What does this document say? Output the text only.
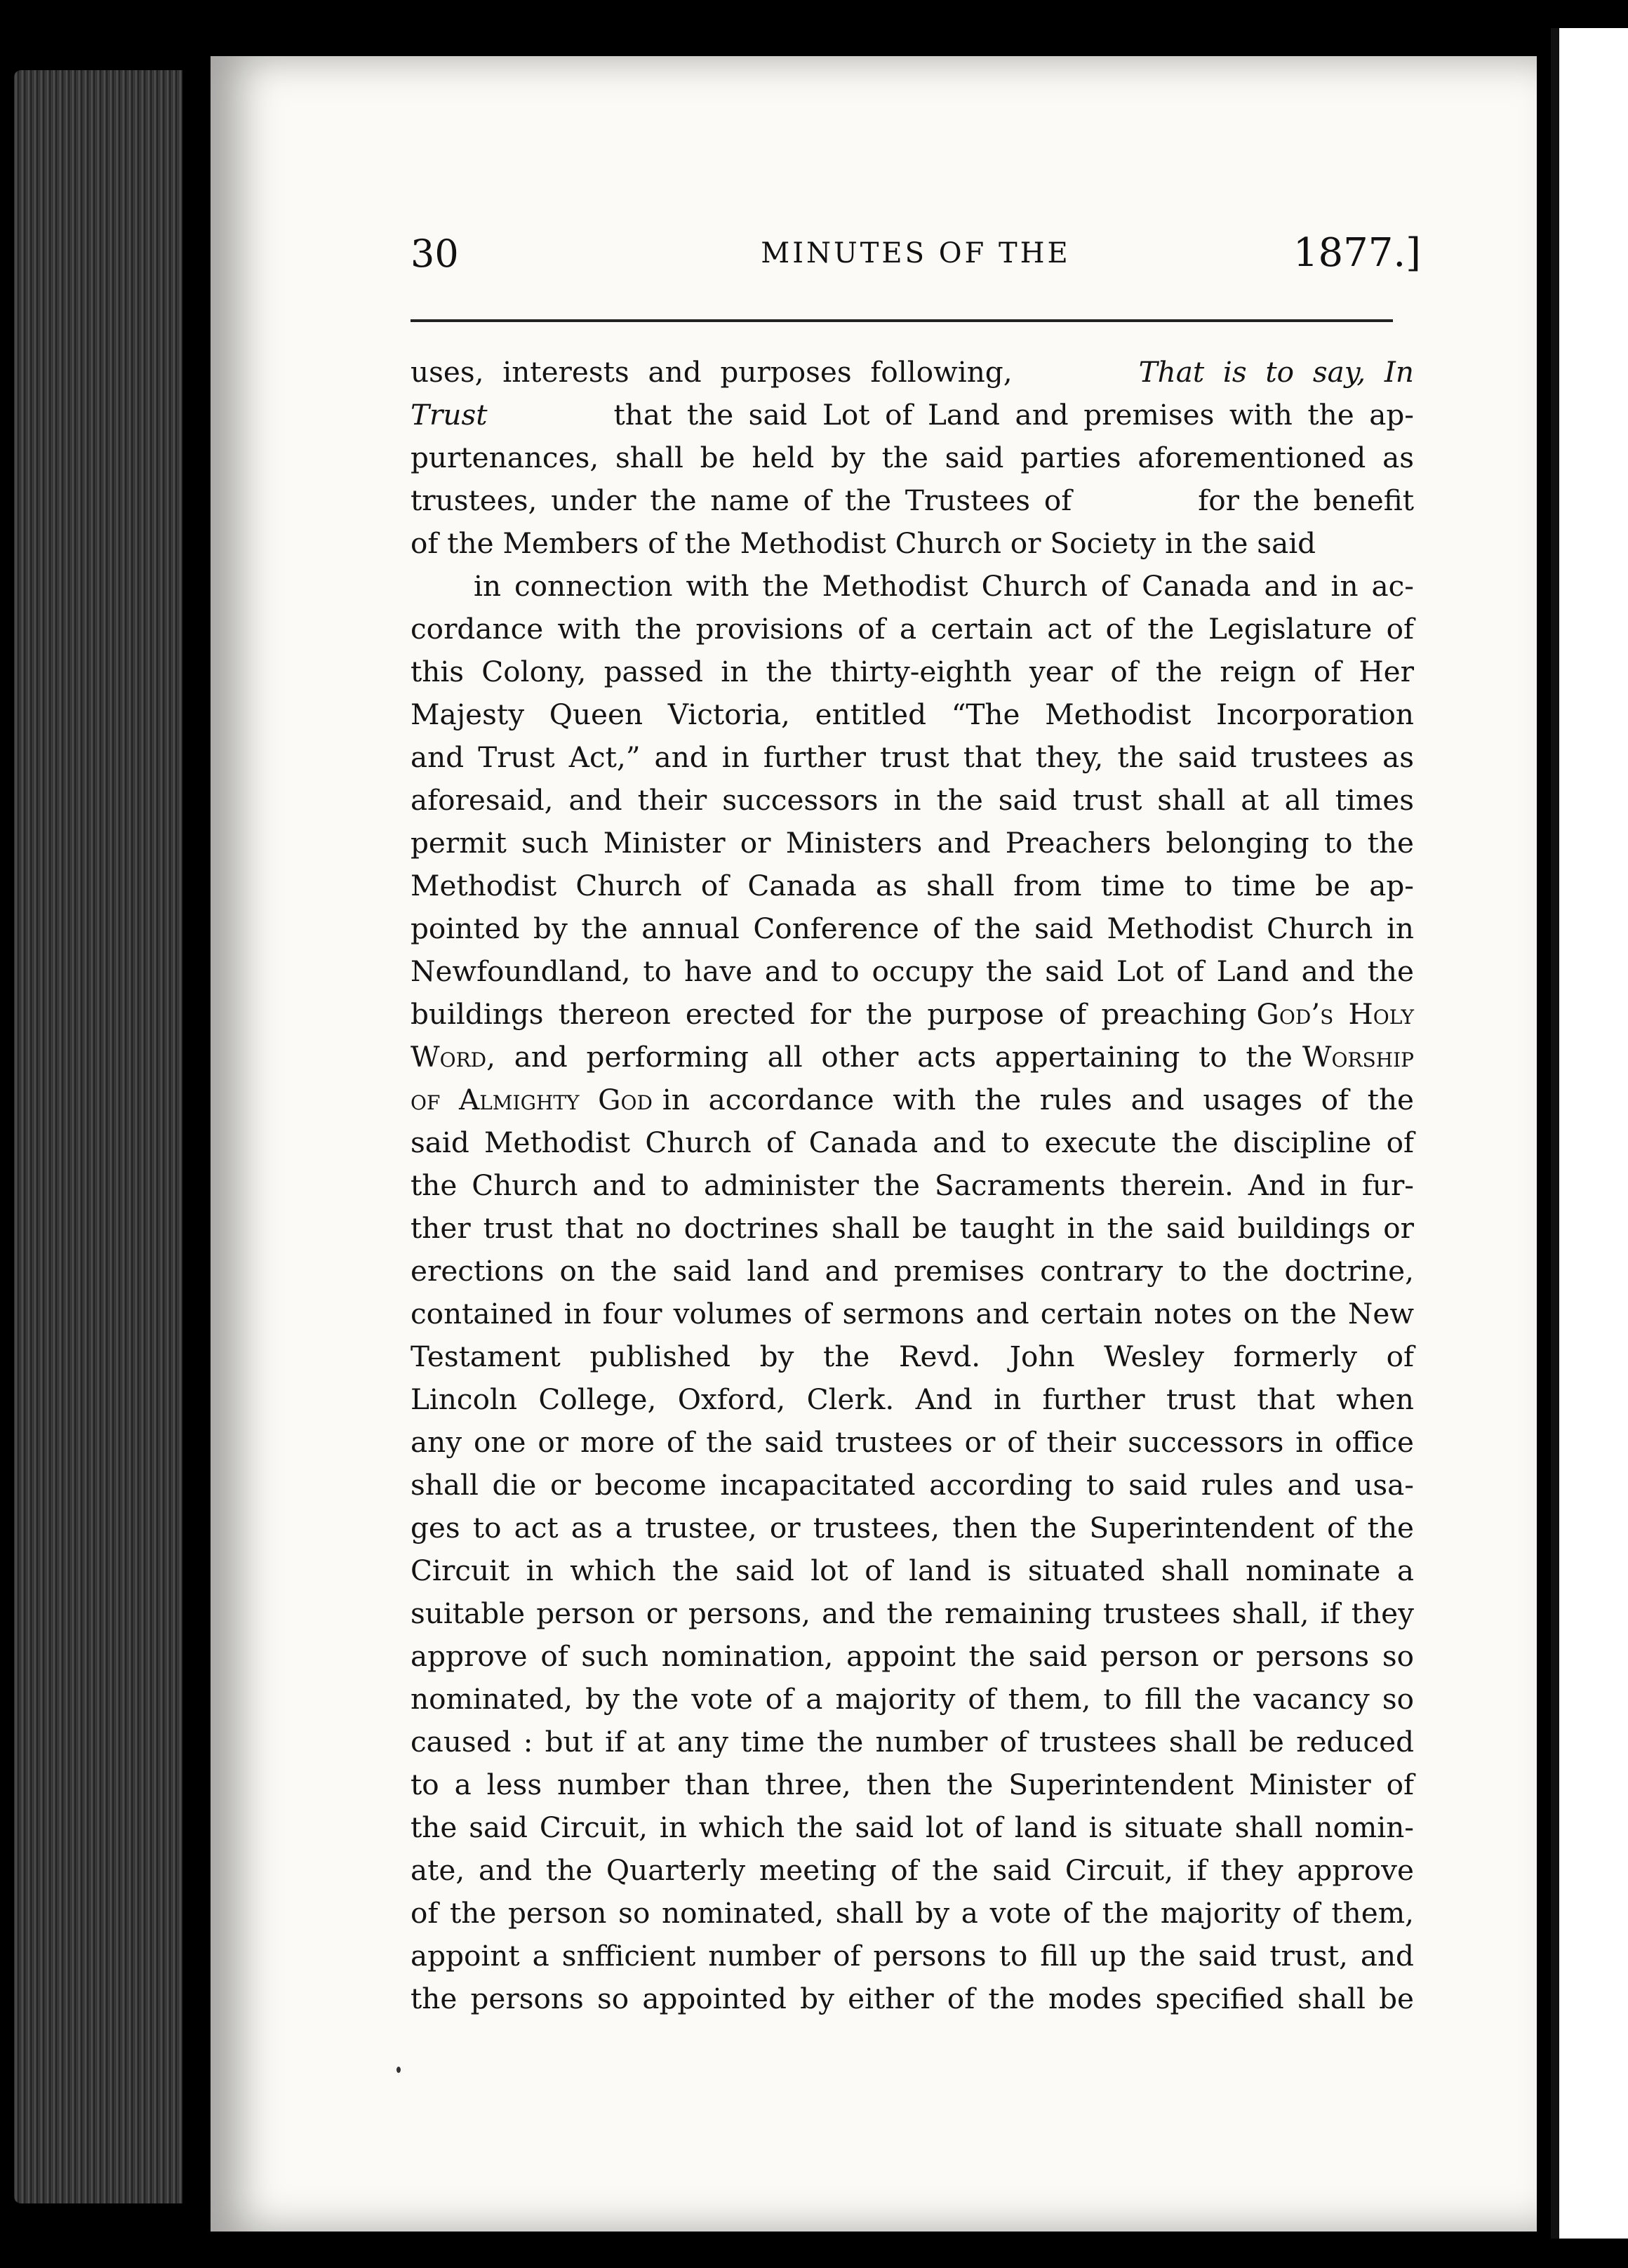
30	MINUTES OF THE	1877.]
uses, interests and purposes following,	That is to say, In
Trust	that the said Lot of Land and premises with the ap-
purtenances, shall be held by the said parties aforementioned as
trustees, under the name of the Trustees of	for the benefit
of the Members of the Methodist Church or Society in the said
in connection with the Methodist Church of Canada and in ac-
cordance with the provisions of a certain act of the Legislature of
this Colony, passed in the thirty-eighth year of the reign of Her
Majesty Queen Victoria, entitled “The Methodist Incorporation
and Trust Act,” and in further trust that they, the said trustees as
aforesaid, and their successors in the said trust shall at all times
permit such Minister or Ministers and Preachers belonging to the
Methodist Church of Canada as shall from time to time be ap-
pointed by the annual Conference of the said Methodist Church in
Newfoundland, to have and to occupy the said Lot of Land and the
buildings thereon erected for the purpose of preaching God’s Holy
Word, and performing all other acts appertaining to the Worship
of Almighty God in accordance with the rules and usages of the
said Methodist Church of Canada and to execute the discipline of
the Church and to administer the Sacraments therein. And in fur-
ther trust that no doctrines shall be taught in the said buildings or
erections on the said land and premises contrary to the doctrine,
contained in four volumes of sermons and certain notes on the New
Testament published by the Revd. John Wesley formerly of
Lincoln College, Oxford, Clerk. And in further trust that when
any one or more of the said trustees or of their successors in office
shall die or become incapacitated according to said rules and usa-
ges to act as a trustee, or trustees, then the Superintendent of the
Circuit in which the said lot of land is situated shall nominate a
suitable person or persons, and the remaining trustees shall, if they
approve of such nomination, appoint the said person or persons so
nominated, by the vote of a majority of them, to fill the vacancy so
caused : but if at any time the number of trustees shall be reduced
to a less number than three, then the Superintendent Minister of
the said Circuit, in which the said lot of land is situate shall nomin-
ate, and the Quarterly meeting of the said Circuit, if they approve
of the person so nominated, shall by a vote of the majority of them,
appoint a snfficient number of persons to fill up the said trust, and
the persons so appointed by either of the modes specified shall be
